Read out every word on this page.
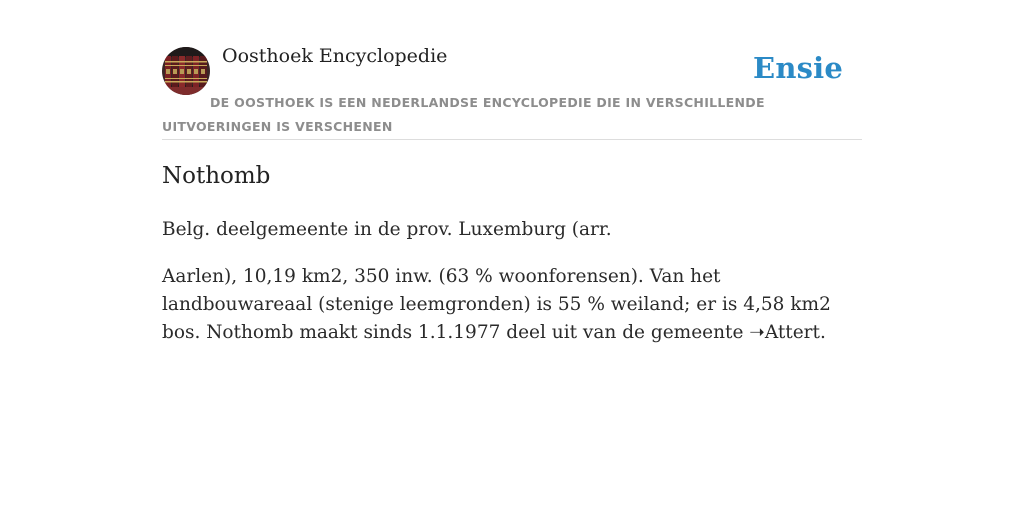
Oosthoek Encyclopedie	Ensie
DE OOSTHOEK IS EEN NEDERLANDSE ENCYCLOPEDIE DIE IN VERSCHILLENDE UITVOERINGEN IS VERSCHENEN
Nothomb

Belg. deelgemeente in de prov. Luxemburg (arr.

Aarlen), 10,19 km2, 350 inw. (63 % woonforensen). Van het landbouwareaal (stenige leemgronden) is 55 % weiland; er is 4,58 km2 bos. Nothomb maakt sinds 1.1.1977 deel uit van de gemeente ➝Attert.
